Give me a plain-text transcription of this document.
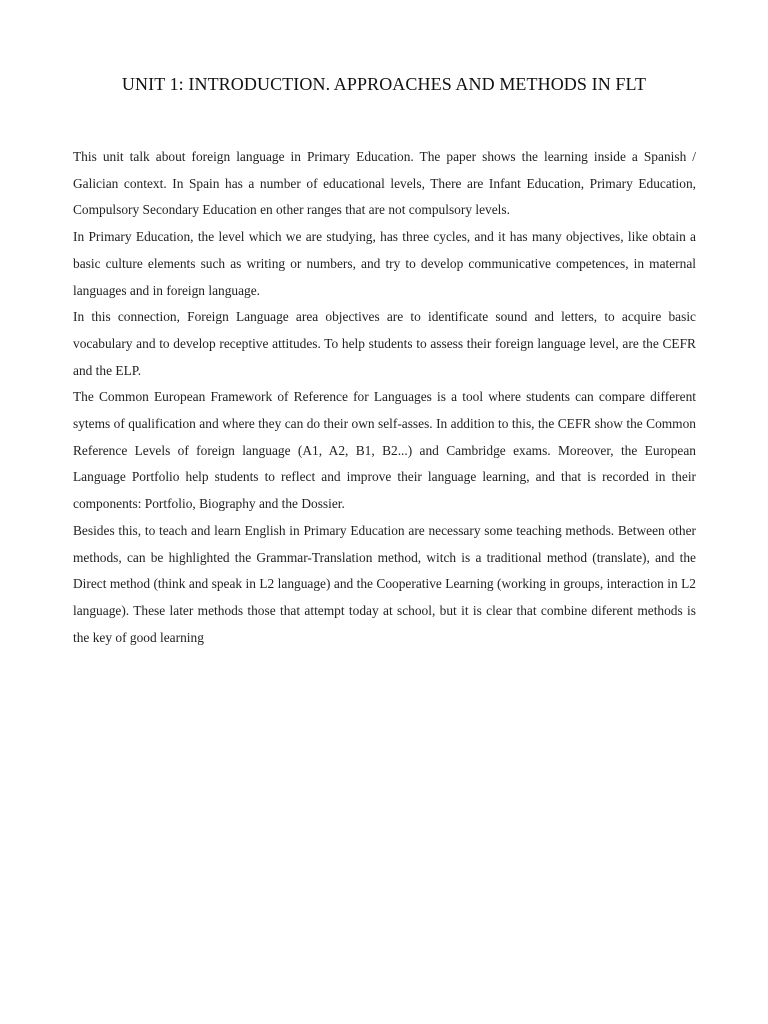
UNIT 1: INTRODUCTION. APPROACHES AND METHODS IN FLT

This unit talk about foreign language in Primary Education. The paper shows the learning inside a Spanish / Galician context. In Spain has a number of educational levels, There are Infant Education, Primary Education, Compulsory Secondary Education en other ranges that are not compulsory levels.

In Primary Education, the level which we are studying, has three cycles, and it has many objectives, like obtain a basic culture elements such as writing or numbers, and try to develop communicative competences, in maternal languages and in foreign language.

In this connection, Foreign Language area objectives are to identificate sound and letters, to acquire basic vocabulary and to develop receptive attitudes. To help students to assess their foreign language level, are the CEFR and the ELP.

The Common European Framework of Reference for Languages is a tool where students can compare different sytems of qualification and where they can do their own self-asses. In addition to this, the CEFR show the Common Reference Levels of foreign language (A1, A2, B1, B2...) and Cambridge exams. Moreover, the European Language Portfolio help students to reflect and improve their language learning, and that is recorded in their components: Portfolio, Biography and the Dossier.

Besides this, to teach and learn English in Primary Education are necessary some teaching methods. Between other methods, can be highlighted the Grammar-Translation method, witch is a traditional method (translate), and the Direct method (think and speak in L2 language) and the Cooperative Learning (working in groups, interaction in L2 language). These later methods those that attempt today at school, but it is clear that combine diferent methods is the key of good learning
